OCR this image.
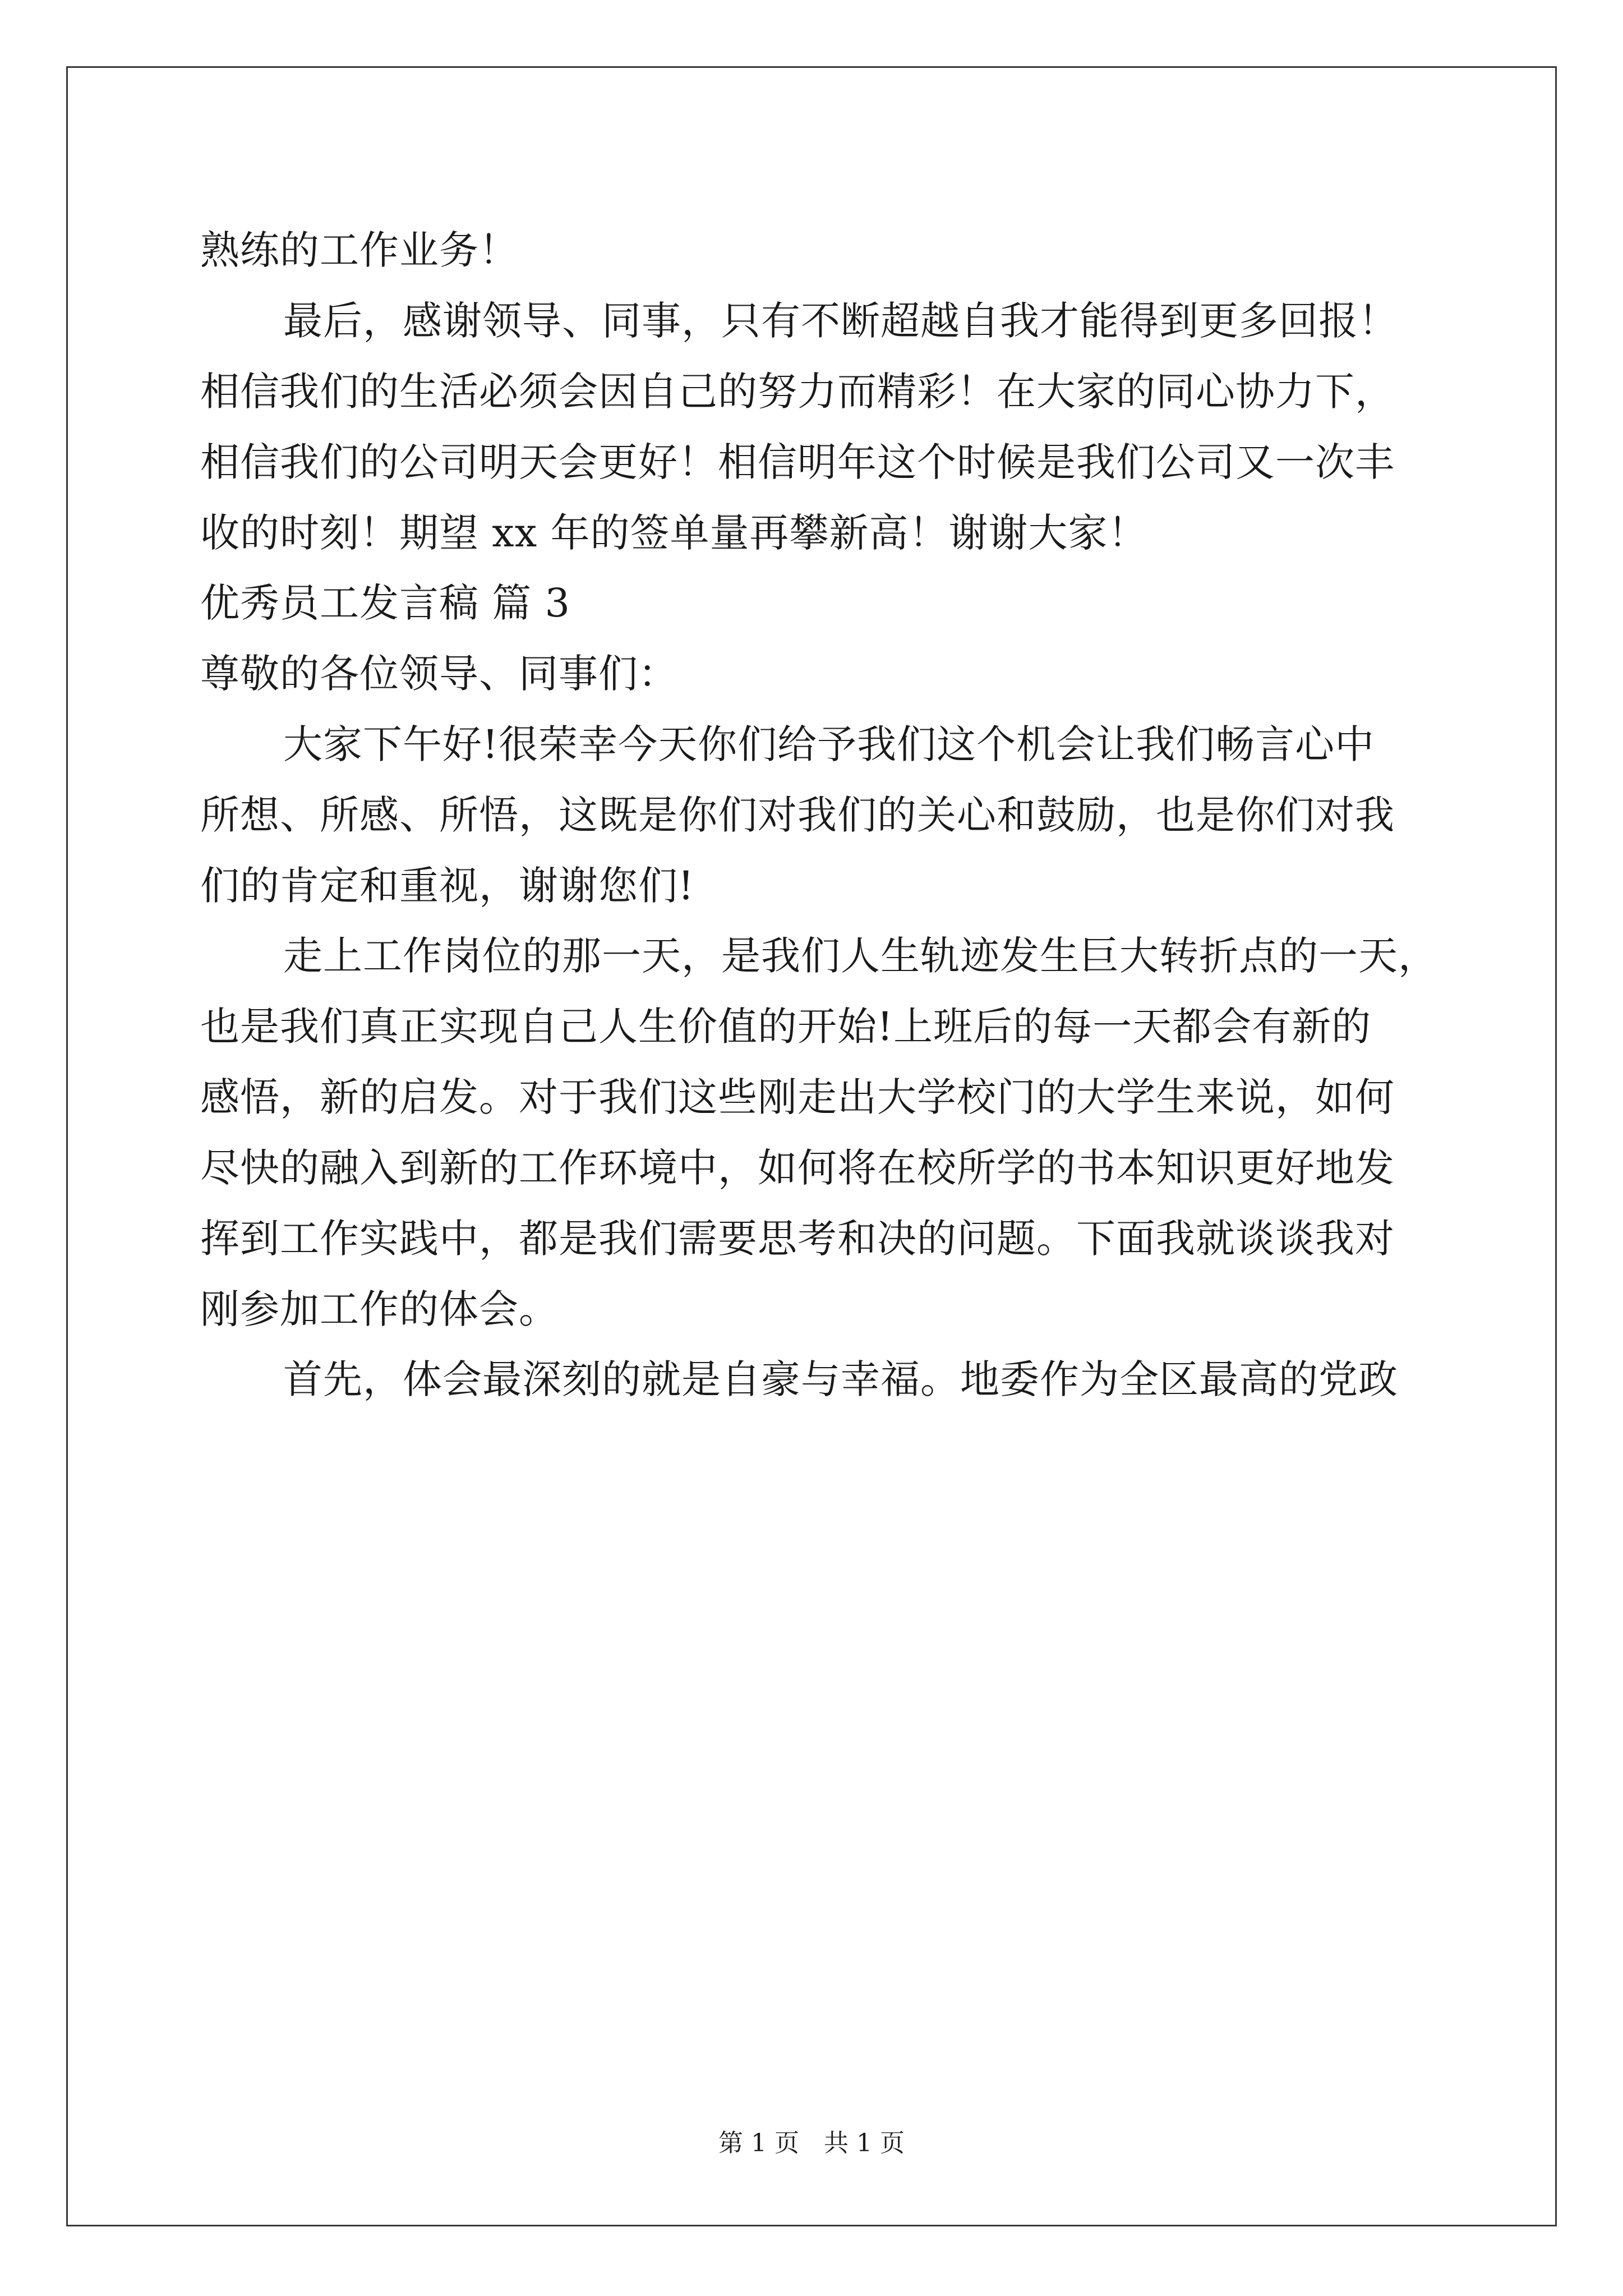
熟练的工作业务！
最后，感谢领导、同事，只有不断超越自我才能得到更多回报！
相信我们的生活必须会因自己的努力而精彩！在大家的同心协力下，
相信我们的公司明天会更好！相信明年这个时候是我们公司又一次丰
收的时刻！期望 xx 年的签单量再攀新高！谢谢大家！
优秀员工发言稿 篇 3
尊敬的各位领导、同事们：
大家下午好!很荣幸今天你们给予我们这个机会让我们畅言心中
所想、所感、所悟，这既是你们对我们的关心和鼓励，也是你们对我
们的肯定和重视，谢谢您们!
走上工作岗位的那一天，是我们人生轨迹发生巨大转折点的一天，
也是我们真正实现自己人生价值的开始!上班后的每一天都会有新的
感悟，新的启发。对于我们这些刚走出大学校门的大学生来说，如何
尽快的融入到新的工作环境中，如何将在校所学的书本知识更好地发
挥到工作实践中，都是我们需要思考和决的问题。下面我就谈谈我对
刚参加工作的体会。
首先，体会最深刻的就是自豪与幸福。地委作为全区最高的党政
第 1 页　共 1 页
